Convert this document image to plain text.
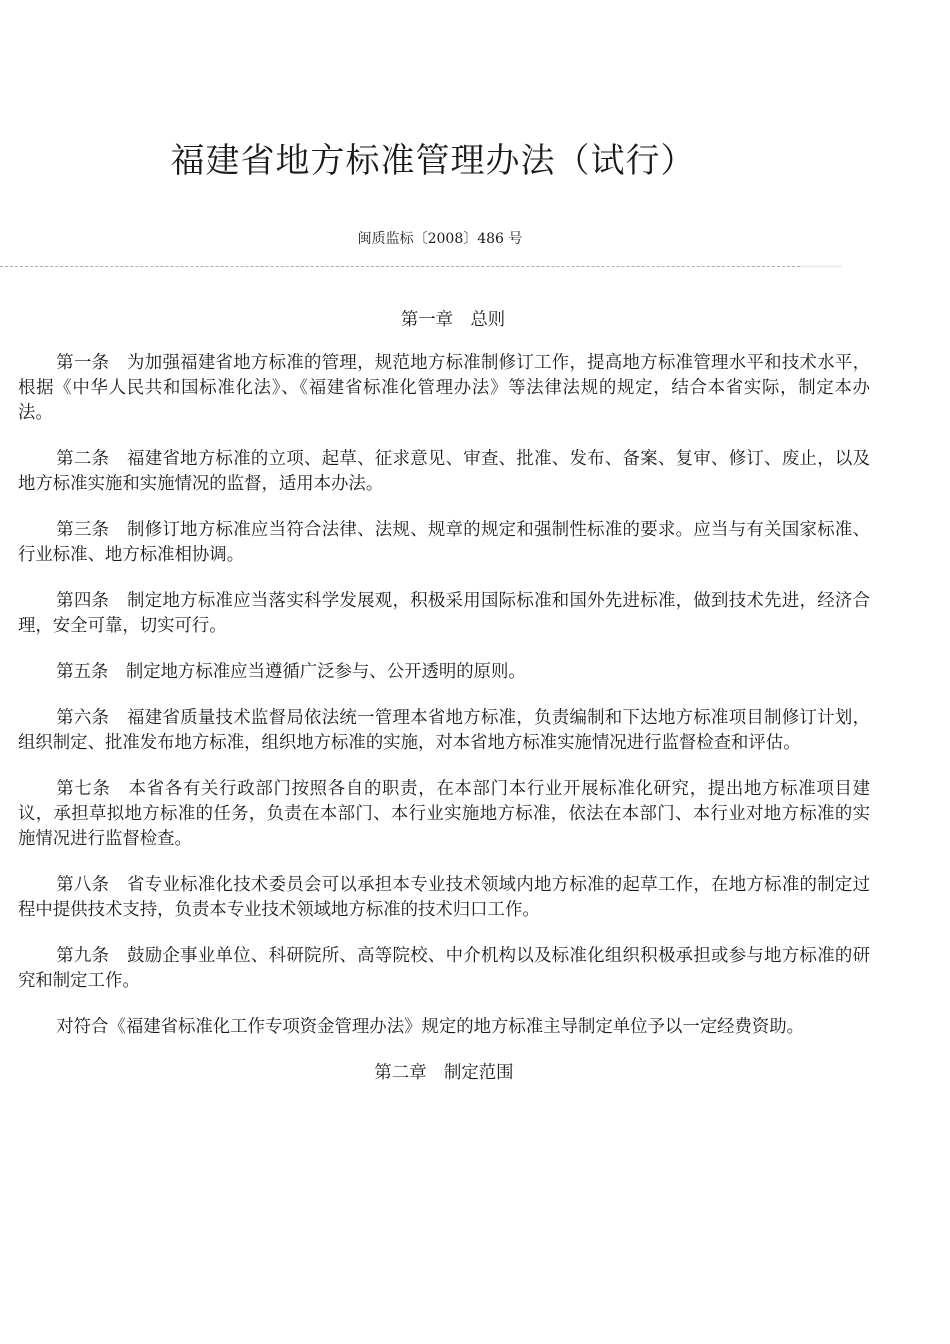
福建省地方标准管理办法（试行）
闽质监标〔2008〕486 号

第一章　总则

第一条　为加强福建省地方标准的管理，规范地方标准制修订工作，提高地方标准管理水平和技术水平，根据《中华人民共和国标准化法》、《福建省标准化管理办法》等法律法规的规定，结合本省实际，制定本办法。

第二条　福建省地方标准的立项、起草、征求意见、审查、批准、发布、备案、复审、修订、废止，以及地方标准实施和实施情况的监督，适用本办法。

第三条　制修订地方标准应当符合法律、法规、规章的规定和强制性标准的要求。应当与有关国家标准、行业标准、地方标准相协调。

第四条　制定地方标准应当落实科学发展观，积极采用国际标准和国外先进标准，做到技术先进，经济合理，安全可靠，切实可行。

第五条　制定地方标准应当遵循广泛参与、公开透明的原则。

第六条　福建省质量技术监督局依法统一管理本省地方标准，负责编制和下达地方标准项目制修订计划，组织制定、批准发布地方标准，组织地方标准的实施，对本省地方标准实施情况进行监督检查和评估。

第七条　本省各有关行政部门按照各自的职责，在本部门本行业开展标准化研究，提出地方标准项目建议，承担草拟地方标准的任务，负责在本部门、本行业实施地方标准，依法在本部门、本行业对地方标准的实施情况进行监督检查。

第八条　省专业标准化技术委员会可以承担本专业技术领域内地方标准的起草工作，在地方标准的制定过程中提供技术支持，负责本专业技术领域地方标准的技术归口工作。

第九条　鼓励企事业单位、科研院所、高等院校、中介机构以及标准化组织积极承担或参与地方标准的研究和制定工作。

对符合《福建省标准化工作专项资金管理办法》规定的地方标准主导制定单位予以一定经费资助。

第二章　制定范围
